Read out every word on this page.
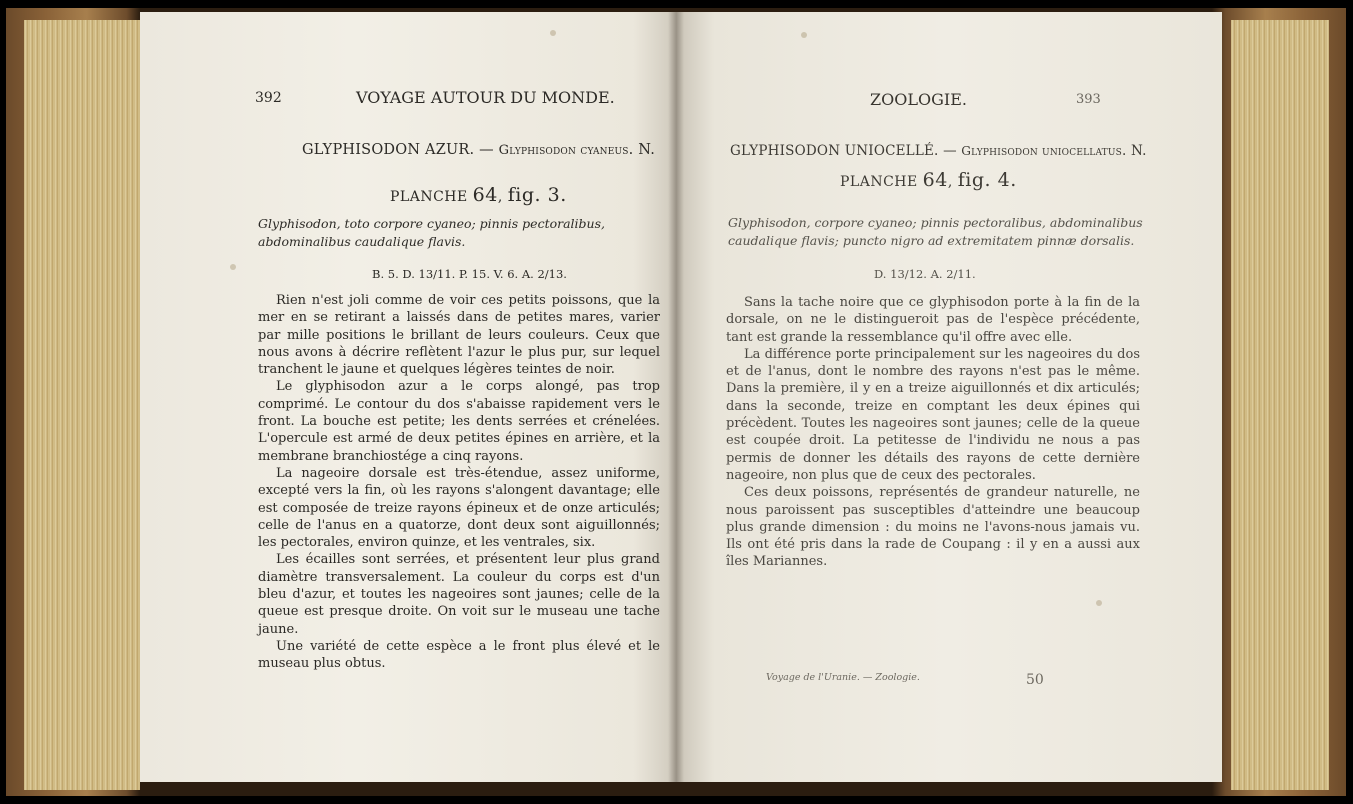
392	VOYAGE AUTOUR DU MONDE.
GLYPHISODON AZUR. — Glyphisodon cyaneus. N.
PLANCHE 64, fig. 3.
Glyphisodon, toto corpore cyaneo; pinnis pectoralibus, abdominalibus caudalique flavis.
B. 5. D. 13/11. P. 15. V. 6. A. 2/13.

Rien n'est joli comme de voir ces petits poissons, que la mer en se retirant a laissés dans de petites mares, varier par mille positions le brillant de leurs couleurs. Ceux que nous avons à décrire reflètent l'azur le plus pur, sur lequel tranchent le jaune et quelques légères teintes de noir.

Le glyphisodon azur a le corps alongé, pas trop comprimé. Le contour du dos s'abaisse rapidement vers le front. La bouche est petite; les dents serrées et crénelées. L'opercule est armé de deux petites épines en arrière, et la membrane branchiostége a cinq rayons.

La nageoire dorsale est très-étendue, assez uniforme, excepté vers la fin, où les rayons s'alongent davantage; elle est composée de treize rayons épineux et de onze articulés; celle de l'anus en a quatorze, dont deux sont aiguillonnés; les pectorales, environ quinze, et les ventrales, six.

Les écailles sont serrées, et présentent leur plus grand diamètre transversalement. La couleur du corps est d'un bleu d'azur, et toutes les nageoires sont jaunes; celle de la queue est presque droite. On voit sur le museau une tache jaune.

Une variété de cette espèce a le front plus élevé et le museau plus obtus.

ZOOLOGIE.	393
GLYPHISODON UNIOCELLÉ. — Glyphisodon uniocellatus. N.
PLANCHE 64, fig. 4.
Glyphisodon, corpore cyaneo; pinnis pectoralibus, abdominalibus caudalique flavis; puncto nigro ad extremitatem pinnæ dorsalis.
D. 13/12. A. 2/11.

Sans la tache noire que ce glyphisodon porte à la fin de la dorsale, on ne le distingueroit pas de l'espèce précédente, tant est grande la ressemblance qu'il offre avec elle.

La différence porte principalement sur les nageoires du dos et de l'anus, dont le nombre des rayons n'est pas le même. Dans la première, il y en a treize aiguillonnés et dix articulés; dans la seconde, treize en comptant les deux épines qui précèdent. Toutes les nageoires sont jaunes; celle de la queue est coupée droit. La petitesse de l'individu ne nous a pas permis de donner les détails des rayons de cette dernière nageoire, non plus que de ceux des pectorales.

Ces deux poissons, représentés de grandeur naturelle, ne nous paroissent pas susceptibles d'atteindre une beaucoup plus grande dimension : du moins ne l'avons-nous jamais vu. Ils ont été pris dans la rade de Coupang : il y en a aussi aux îles Mariannes.

Voyage de l'Uranie. — Zoologie.	50
